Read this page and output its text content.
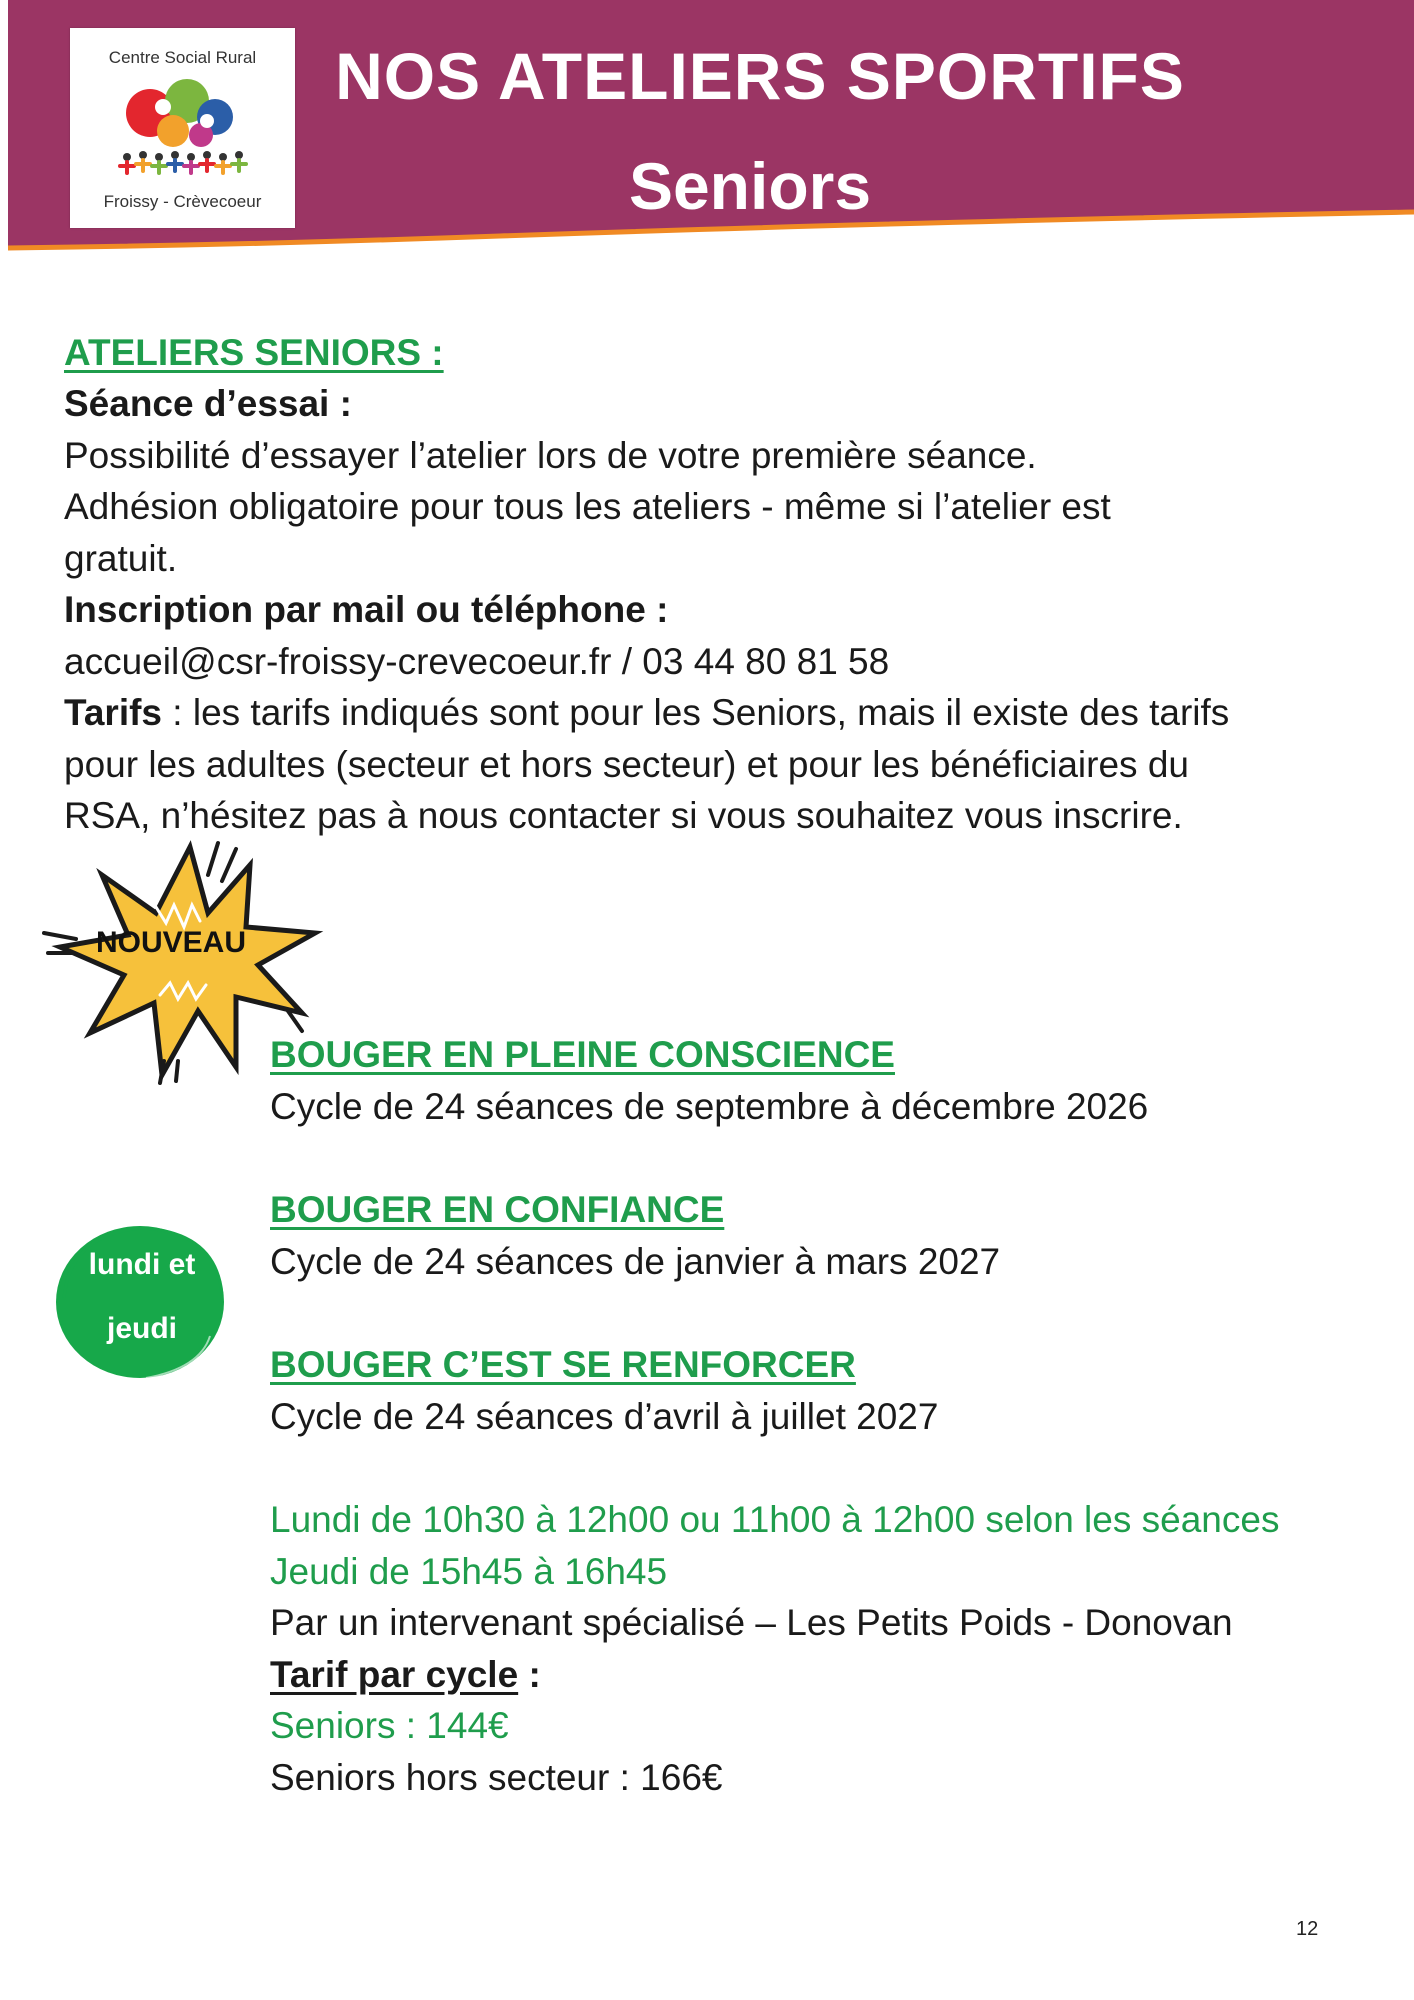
Centre Social Rural
Froissy - Crèvecoeur
NOS ATELIERS SPORTIFS
Seniors
ATELIERS SENIORS :
Séance d’essai :
Possibilité d’essayer l’atelier lors de votre première séance.
Adhésion obligatoire pour tous les ateliers - même si l’atelier est
gratuit.
Inscription par mail ou téléphone :
accueil@csr-froissy-crevecoeur.fr / 03 44 80 81 58
Tarifs : les tarifs indiqués sont pour les Seniors, mais il existe des tarifs
pour les adultes (secteur et hors secteur) et pour les bénéficiaires du
RSA, n’hésitez pas à nous contacter si vous souhaitez vous inscrire.
NOUVEAU
lundi et
jeudi
BOUGER EN PLEINE CONSCIENCE
Cycle de 24 séances de septembre à décembre 2026
BOUGER EN CONFIANCE
Cycle de 24 séances de janvier à mars 2027
BOUGER C’EST SE RENFORCER
Cycle de 24 séances d’avril à juillet 2027
Lundi de 10h30 à 12h00 ou 11h00 à 12h00 selon les séances
Jeudi de 15h45 à 16h45
Par un intervenant spécialisé – Les Petits Poids - Donovan
Tarif par cycle :
Seniors : 144€
Seniors hors secteur : 166€
12
